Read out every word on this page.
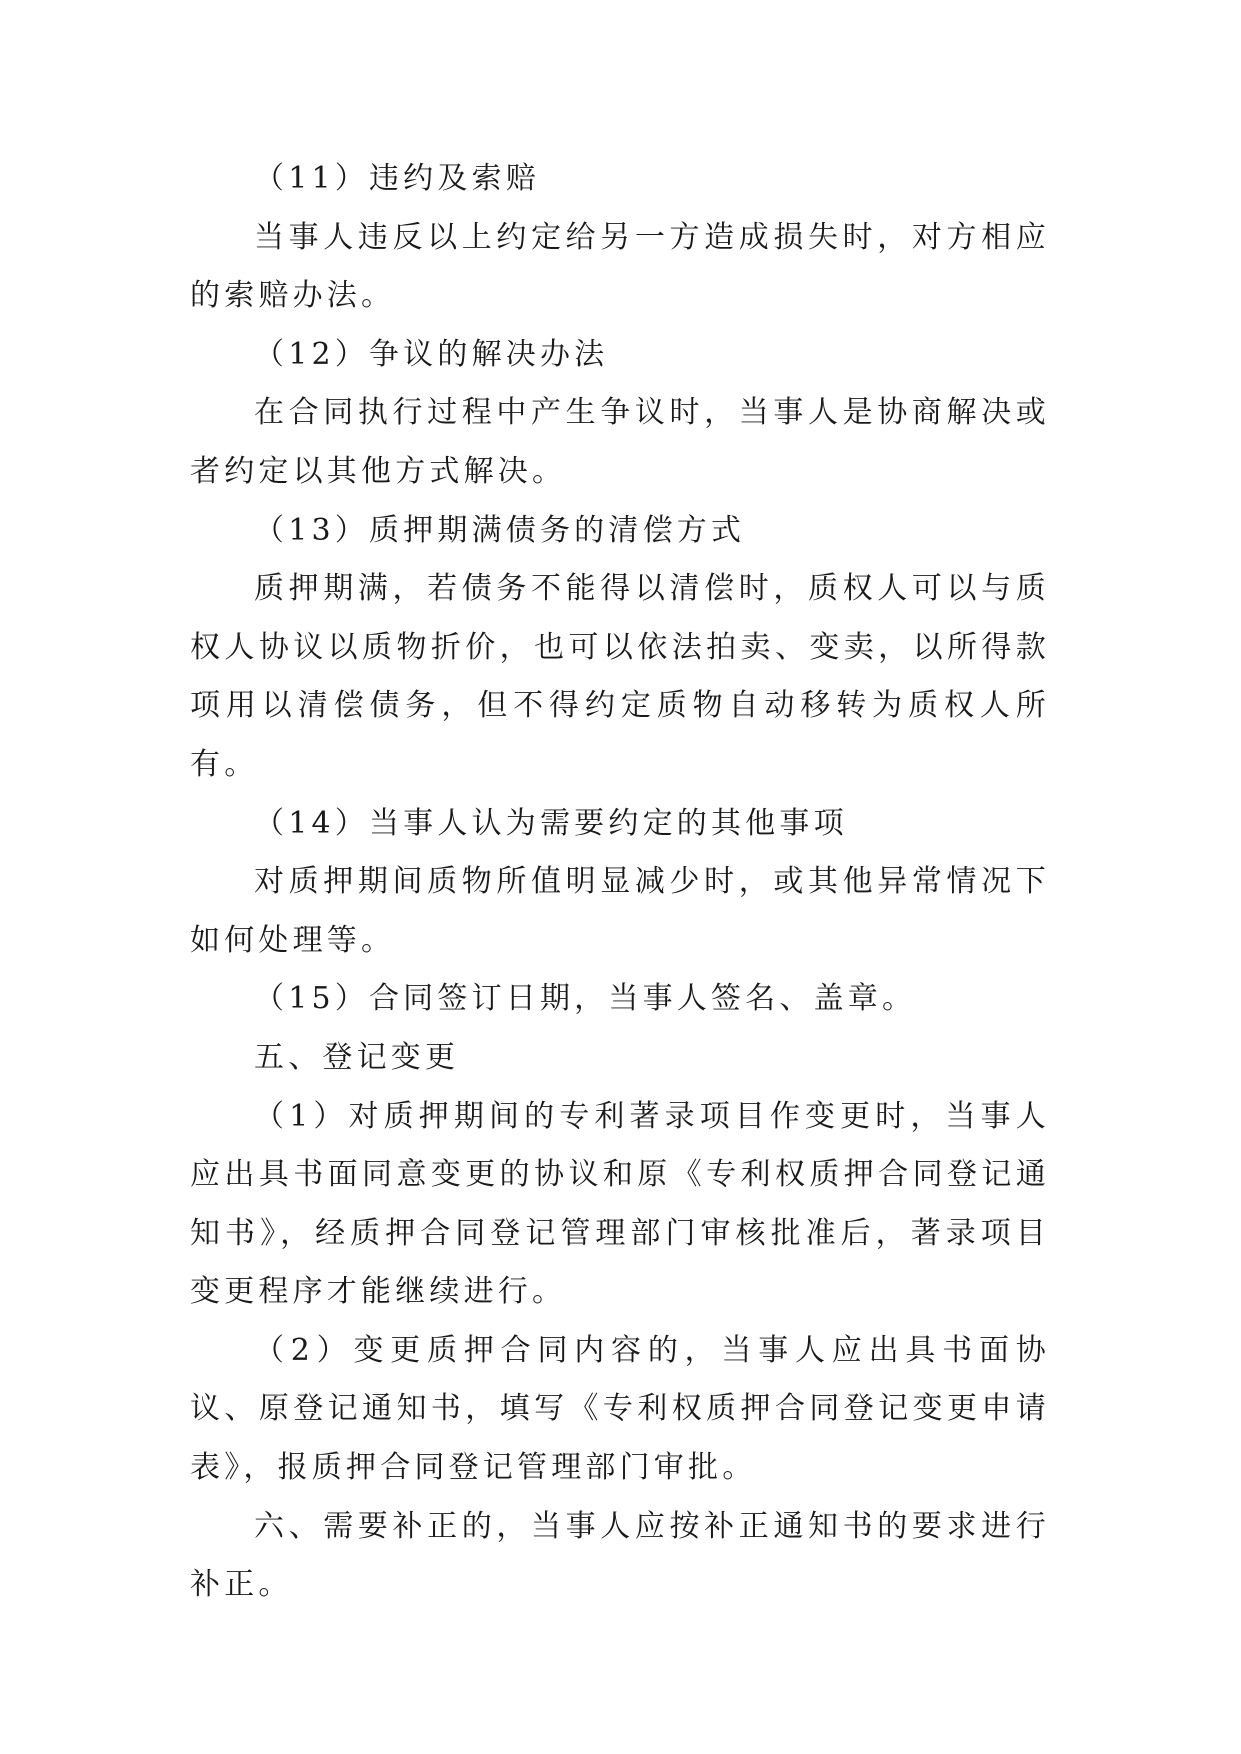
（11）违约及索赔

当事人违反以上约定给另一方造成损失时，对方相应的索赔办法。

（12）争议的解决办法

在合同执行过程中产生争议时，当事人是协商解决或者约定以其他方式解决。

（13）质押期满债务的清偿方式

质押期满，若债务不能得以清偿时，质权人可以与质权人协议以质物折价，也可以依法拍卖、变卖，以所得款项用以清偿债务，但不得约定质物自动移转为质权人所有。

（14）当事人认为需要约定的其他事项

对质押期间质物所值明显减少时，或其他异常情况下如何处理等。

（15）合同签订日期，当事人签名、盖章。

五、登记变更

（1）对质押期间的专利著录项目作变更时，当事人应出具书面同意变更的协议和原《专利权质押合同登记通知书》，经质押合同登记管理部门审核批准后，著录项目变更程序才能继续进行。

（2）变更质押合同内容的，当事人应出具书面协议、原登记通知书，填写《专利权质押合同登记变更申请表》，报质押合同登记管理部门审批。

六、需要补正的，当事人应按补正通知书的要求进行补正。
